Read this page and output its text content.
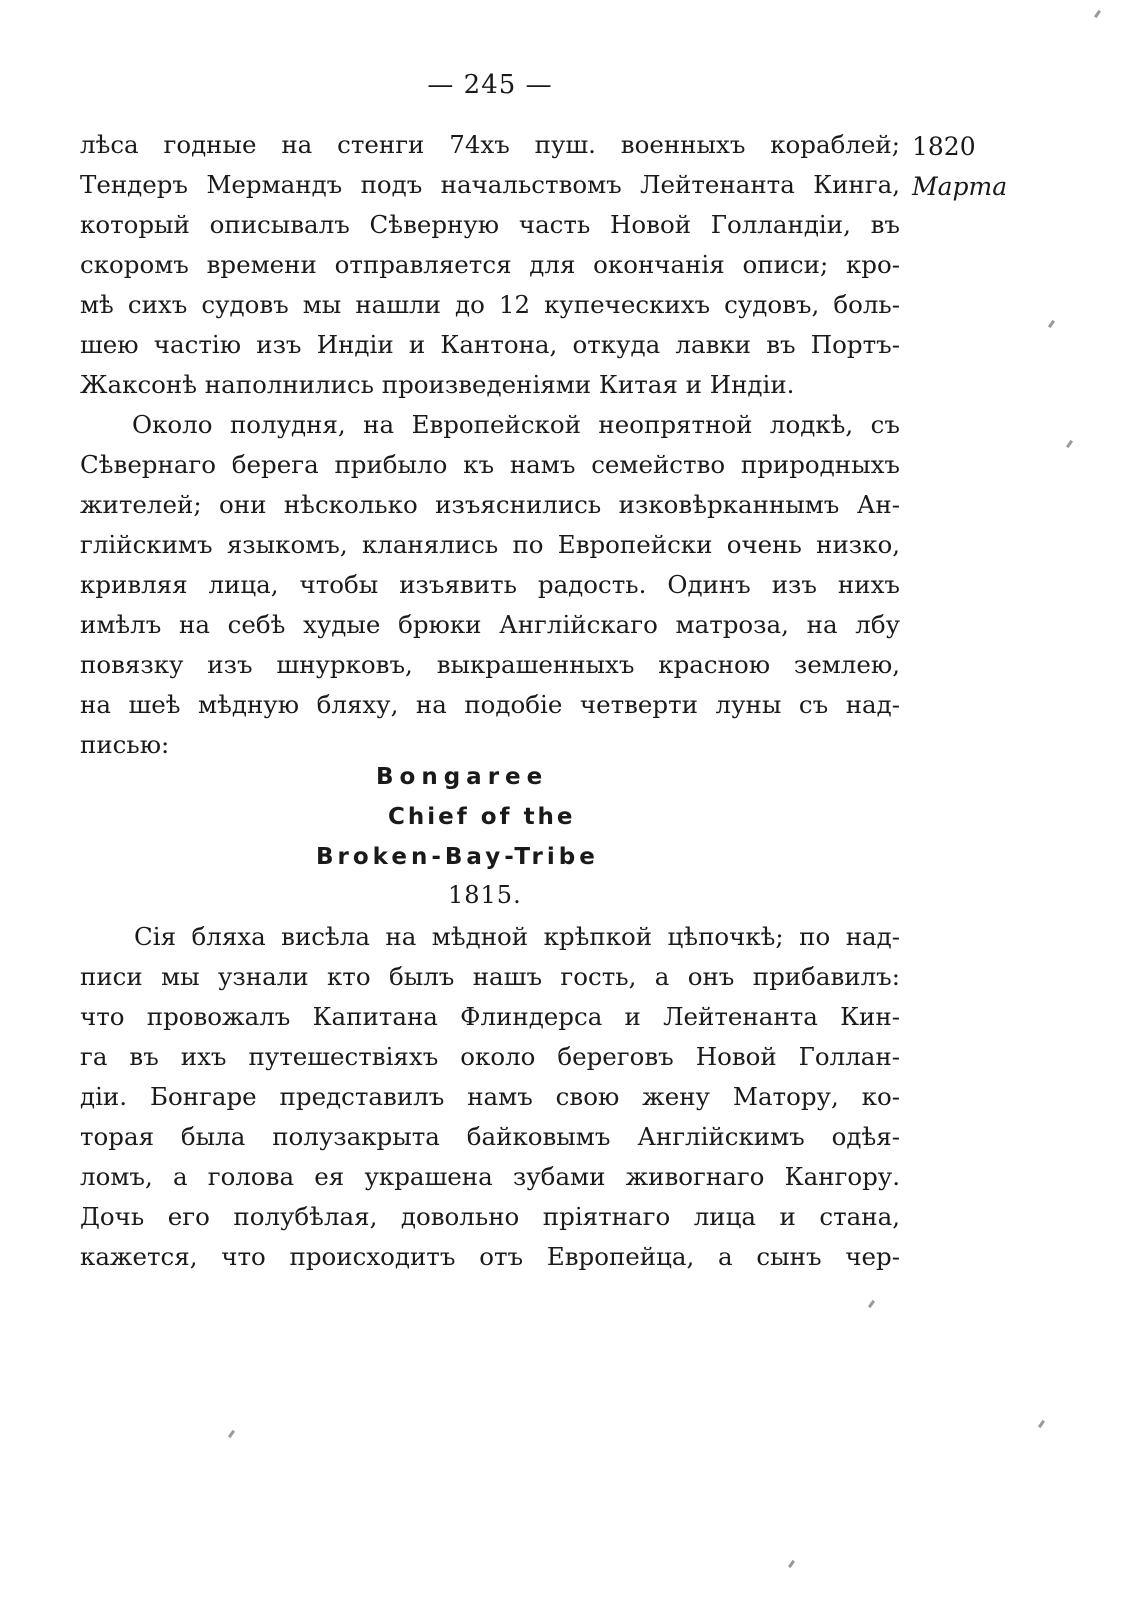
— 245 —
1820
Марта
лѣса годные на стенги 74хъ пуш. военныхъ кораблей;
Тендеръ Мермандъ подъ начальствомъ Лейтенанта Кинга,
который описывалъ Сѣверную часть Новой Голландіи, въ
скоромъ времени отправляется для окончанія описи; кро-
мѣ сихъ судовъ мы нашли до 12 купеческихъ судовъ, боль-
шею частію изъ Индіи и Кантона, откуда лавки въ Портъ-
Жаксонѣ наполнились произведеніями Китая и Индіи.
Около полудня, на Европейской неопрятной лодкѣ, съ
Сѣвернаго берега прибыло къ намъ семейство природныхъ
жителей; они нѣсколько изъяснились изковѣрканнымъ Ан-
глійскимъ языкомъ, кланялись по Европейски очень низко,
кривляя лица, чтобы изъявить радость. Одинъ изъ нихъ
имѣлъ на себѣ худые брюки Англійскаго матроза, на лбу
повязку изъ шнурковъ, выкрашенныхъ красною землею,
на шеѣ мѣдную бляху, на подобіе четверти луны съ над-
писью:
Bongaree
Chief of the
Broken-Bay-Tribe
1815.
Сія бляха висѣла на мѣдной крѣпкой цѣпочкѣ; по над-
писи мы узнали кто былъ нашъ гость, а онъ прибавилъ:
что провожалъ Капитана Флиндерса и Лейтенанта Кин-
га въ ихъ путешествіяхъ около береговъ Новой Голлан-
діи. Бонгаре представилъ намъ свою жену Матору, ко-
торая была полузакрыта байковымъ Англійскимъ одѣя-
ломъ, а голова ея украшена зубами живогнаго Кангору.
Дочь его полубѣлая, довольно пріятнаго лица и стана,
кажется, что происходитъ отъ Европейца, а сынъ чер-
